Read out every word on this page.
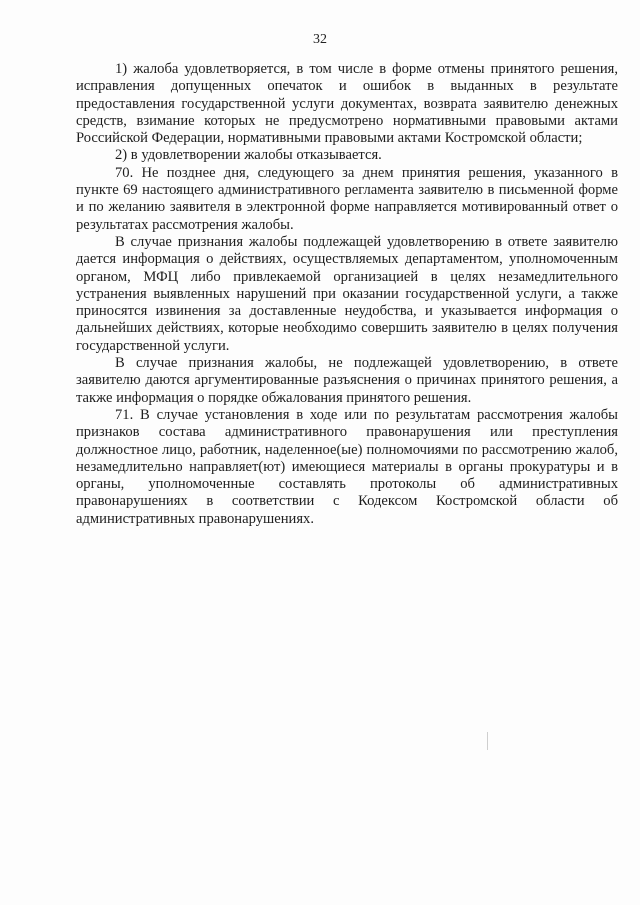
32

1) жалоба удовлетворяется, в том числе в форме отмены принятого решения, исправления допущенных опечаток и ошибок в выданных в результате предоставления государственной услуги документах, возврата заявителю денежных средств, взимание которых не предусмотрено нормативными правовыми актами Российской Федерации, нормативными правовыми актами Костромской области;

2) в удовлетворении жалобы отказывается.

70. Не позднее дня, следующего за днем принятия решения, указанного в пункте 69 настоящего административного регламента заявителю в письменной форме и по желанию заявителя в электронной форме направляется мотивированный ответ о результатах рассмотрения жалобы.

В случае признания жалобы подлежащей удовлетворению в ответе заявителю дается информация о действиях, осуществляемых департаментом, уполномоченным органом, МФЦ либо привлекаемой организацией в целях незамедлительного устранения выявленных нарушений при оказании государственной услуги, а также приносятся извинения за доставленные неудобства, и указывается информация о дальнейших действиях, которые необходимо совершить заявителю в целях получения государственной услуги.

В случае признания жалобы, не подлежащей удовлетворению, в ответе заявителю даются аргументированные разъяснения о причинах принятого решения, а также информация о порядке обжалования принятого решения.

71. В случае установления в ходе или по результатам рассмотрения жалобы признаков состава административного правонарушения или преступления должностное лицо, работник, наделенное(ые) полномочиями по рассмотрению жалоб, незамедлительно направляет(ют) имеющиеся материалы в органы прокуратуры и в органы, уполномоченные составлять протоколы об административных правонарушениях в соответствии с Кодексом Костромской области об административных правонарушениях.
